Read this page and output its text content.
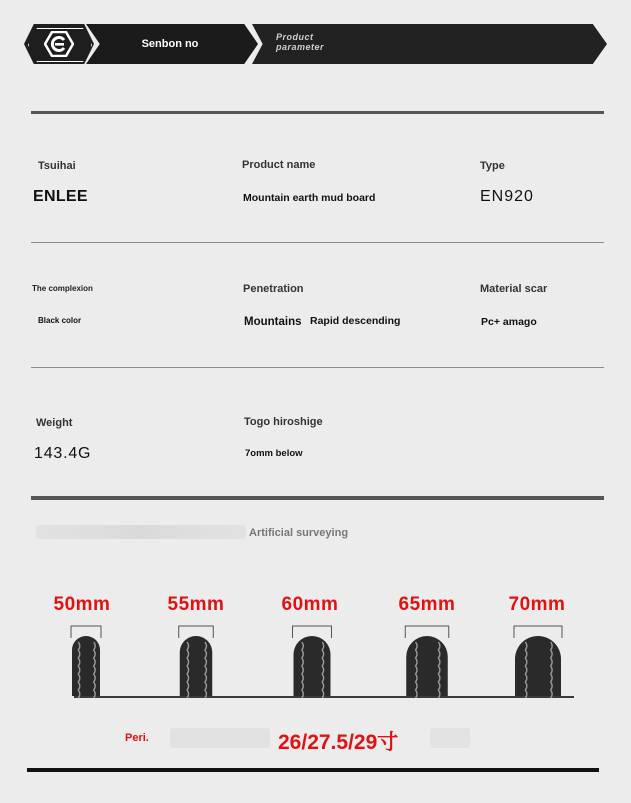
Senbon no
Product
parameter
Tsuihai
ENLEE
Product name
Mountain earth mud board
Type
EN920
The complexion
Black color
Penetration
Mountains Rapid descending
Material scar
Pc+ amago
Weight
143.4G
Togo hiroshige
7omm below
Artificial surveying
50mm	55mm	60mm	65mm	70mm
Peri.	26/27.5/29寸
